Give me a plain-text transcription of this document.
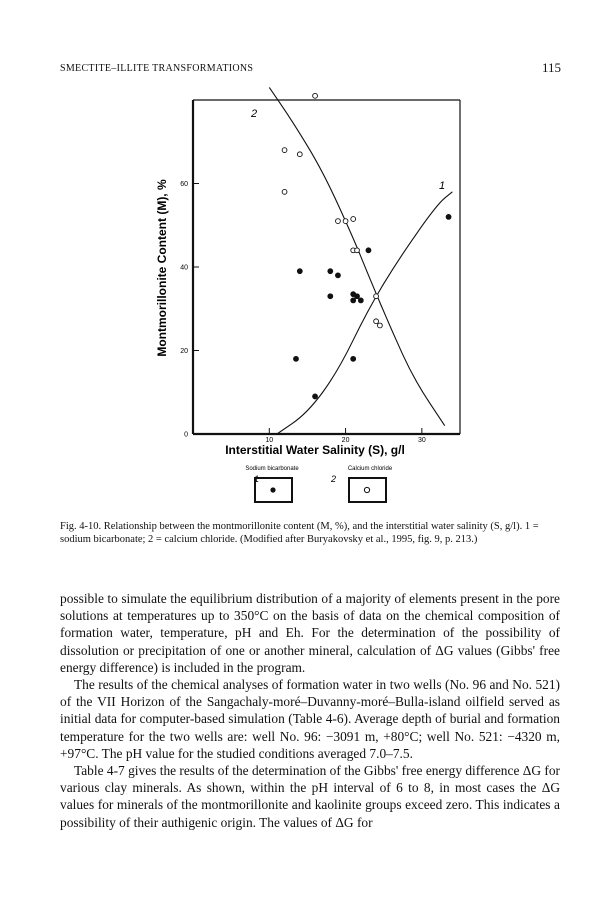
SMECTITE–ILLITE TRANSFORMATIONS	115
0
20
40
60
10	20	30
2
1
Montmorillonite Content (M), %
Interstitial Water Salinity (S), g/l
Sodium bicarbonate	Calcium chloride
1	2
Fig. 4-10. Relationship between the montmorillonite content (M, %), and the interstitial water salinity (S, g/l). 1 = sodium bicarbonate; 2 = calcium chloride. (Modified after Buryakovsky et al., 1995, fig. 9, p. 213.)

possible to simulate the equilibrium distribution of a majority of elements present in the pore solutions at temperatures up to 350°C on the basis of data on the chemical composition of formation water, temperature, pH and Eh. For the determination of the possibility of dissolution or precipitation of one or another mineral, calculation of ΔG values (Gibbs' free energy difference) is included in the program.

The results of the chemical analyses of formation water in two wells (No. 96 and No. 521) of the VII Horizon of the Sangachaly-moré–Duvanny-moré–Bulla-island oilfield served as initial data for computer-based simulation (Table 4-6). Average depth of burial and formation temperature for the two wells are: well No. 96: −3091 m, +80°C; well No. 521: −4320 m, +97°C. The pH value for the studied conditions averaged 7.0–7.5.

Table 4-7 gives the results of the determination of the Gibbs' free energy difference ΔG for various clay minerals. As shown, within the pH interval of 6 to 8, in most cases the ΔG values for minerals of the montmorillonite and kaolinite groups exceed zero. This indicates a possibility of their authigenic origin. The values of ΔG for
